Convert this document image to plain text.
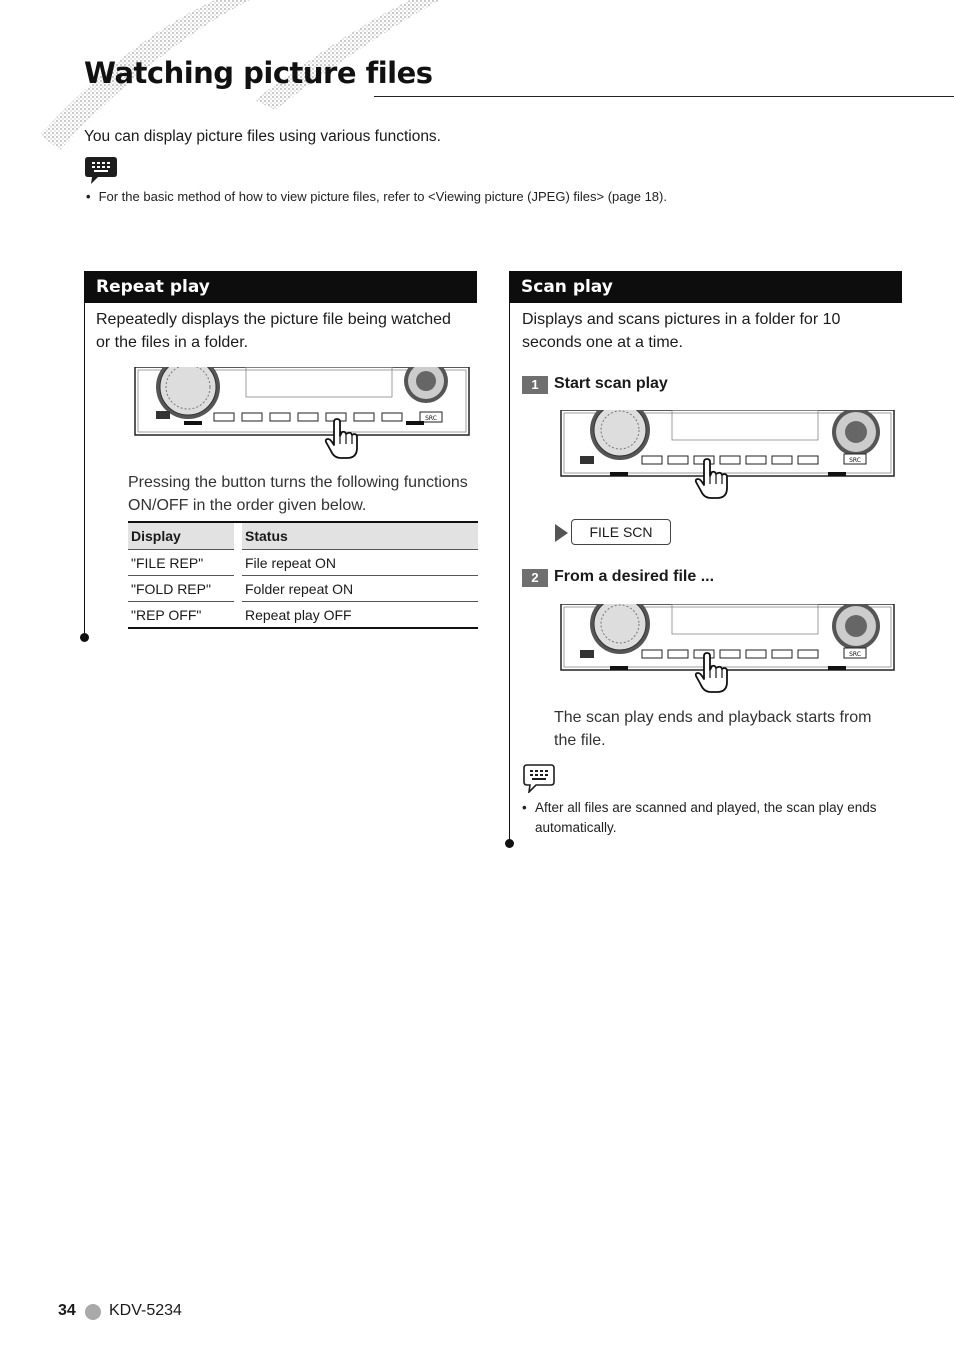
Watching picture files
You can display picture files using various functions.
• For the basic method of how to view picture files, refer to <Viewing picture (JPEG) files> (page 18).
Repeat play
Repeatedly displays the picture file being watched or the files in a folder.
SRC
Pressing the button turns the following functions ON/OFF in the order given below.
Display		Status
"FILE REP"		File repeat ON
"FOLD REP"		Folder repeat ON
"REP OFF"		Repeat play OFF
Scan play
Displays and scans pictures in a folder for 10 seconds one at a time.
1 Start scan play
SRC
FILE SCN
2 From a desired file ...
SRC
The scan play ends and playback starts from the file.
• After all files are scanned and played, the scan play ends automatically.
34 KDV-5234
